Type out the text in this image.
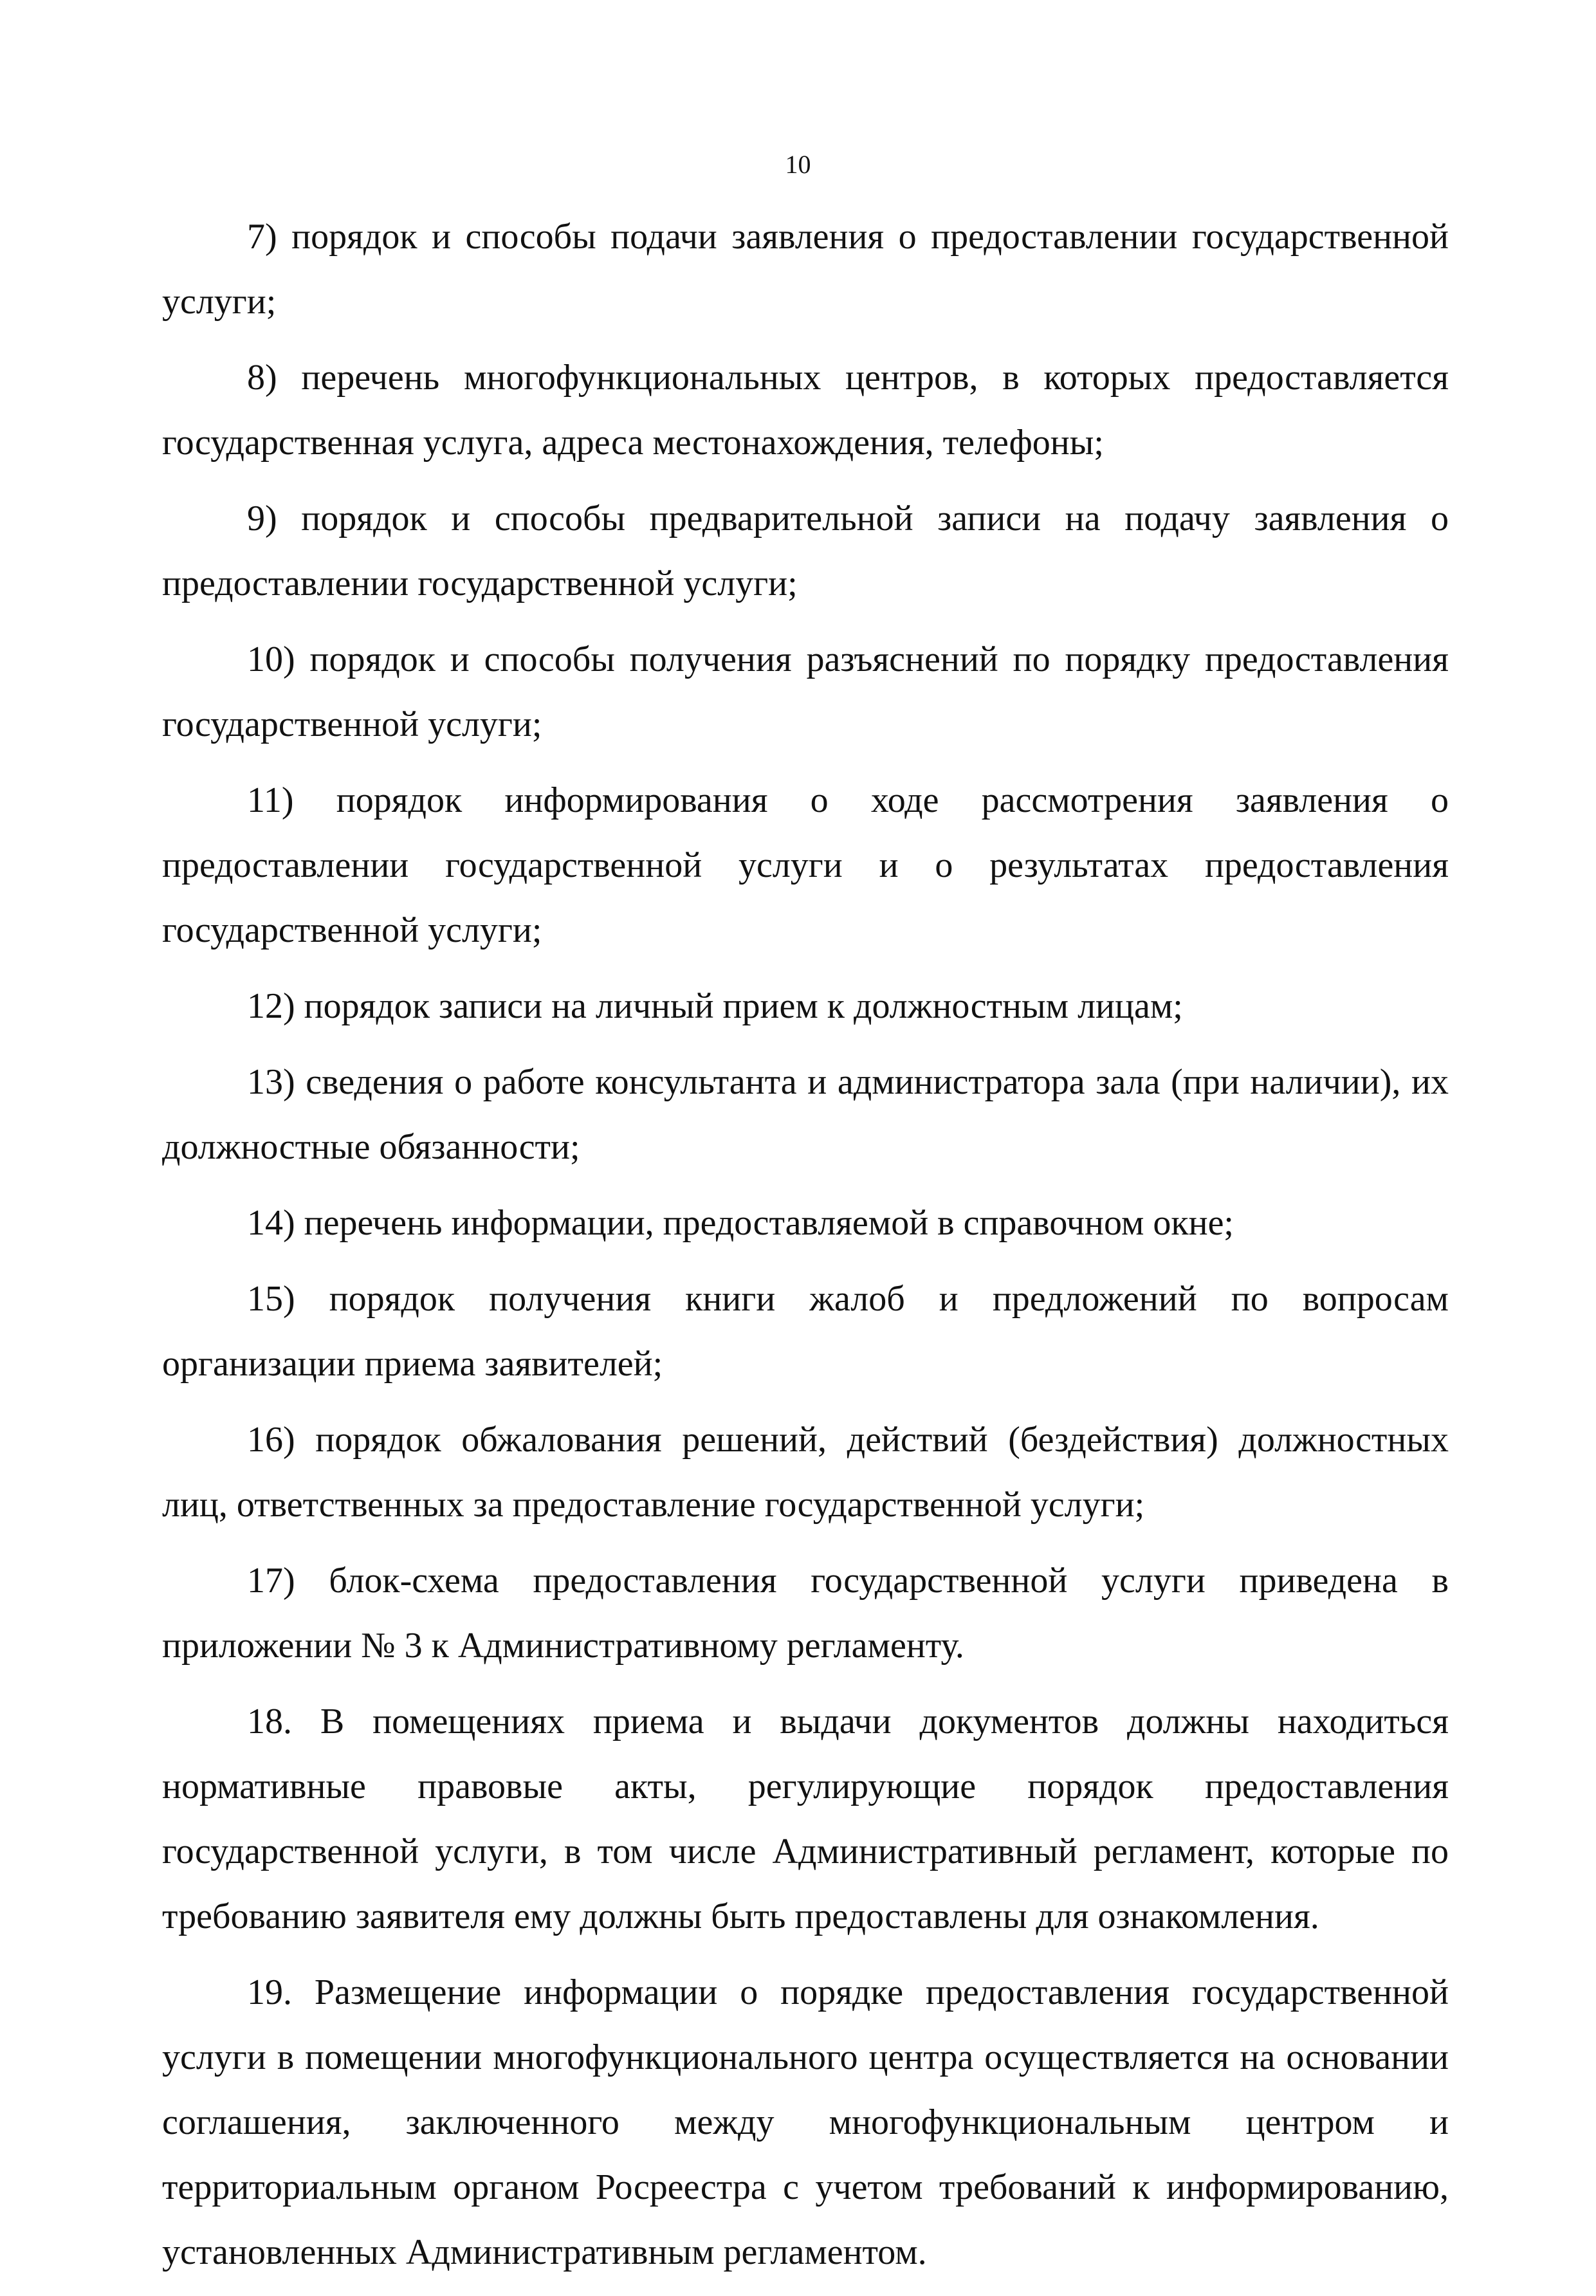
10

7) порядок и способы подачи заявления о предоставлении государственной услуги;

8) перечень многофункциональных центров, в которых предоставляется государственная услуга, адреса местонахождения, телефоны;

9) порядок и способы предварительной записи на подачу заявления о предоставлении государственной услуги;

10) порядок и способы получения разъяснений по порядку предоставления государственной услуги;

11) порядок информирования о ходе рассмотрения заявления о предоставлении государственной услуги и о результатах предоставления государственной услуги;

12) порядок записи на личный прием к должностным лицам;

13) сведения о работе консультанта и администратора зала (при наличии), их должностные обязанности;

14) перечень информации, предоставляемой в справочном окне;

15) порядок получения книги жалоб и предложений по вопросам организации приема заявителей;

16) порядок обжалования решений, действий (бездействия) должностных лиц, ответственных за предоставление государственной услуги;

17) блок-схема предоставления государственной услуги приведена в приложении № 3 к Административному регламенту.

18. В помещениях приема и выдачи документов должны находиться нормативные правовые акты, регулирующие порядок предоставления государственной услуги, в том числе Административный регламент, которые по требованию заявителя ему должны быть предоставлены для ознакомления.

19. Размещение информации о порядке предоставления государственной услуги в помещении многофункционального центра осуществляется на основании соглашения, заключенного между многофункциональным центром и территориальным органом Росреестра с учетом требований к информированию, установленных Административным регламентом.
